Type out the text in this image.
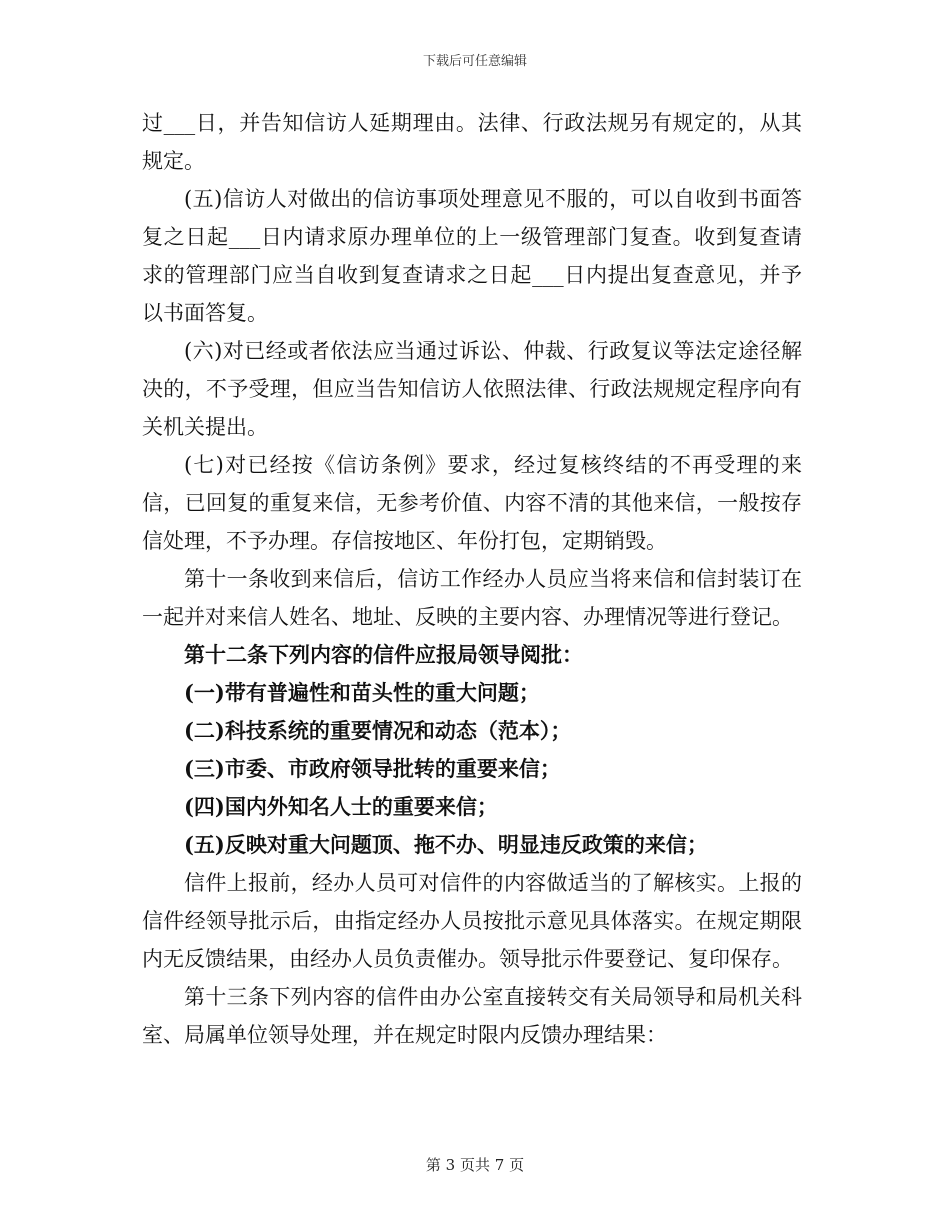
下载后可任意编辑

过___日，并告知信访人延期理由。法律、行政法规另有规定的，从其规定。

(五)信访人对做出的信访事项处理意见不服的，可以自收到书面答复之日起___日内请求原办理单位的上一级管理部门复查。收到复查请求的管理部门应当自收到复查请求之日起___日内提出复查意见，并予以书面答复。

(六)对已经或者依法应当通过诉讼、仲裁、行政复议等法定途径解决的，不予受理，但应当告知信访人依照法律、行政法规规定程序向有关机关提出。

(七)对已经按《信访条例》要求，经过复核终结的不再受理的来信，已回复的重复来信，无参考价值、内容不清的其他来信，一般按存信处理，不予办理。存信按地区、年份打包，定期销毁。

第十一条收到来信后，信访工作经办人员应当将来信和信封装订在一起并对来信人姓名、地址、反映的主要内容、办理情况等进行登记。

第十二条下列内容的信件应报局领导阅批：

(一)带有普遍性和苗头性的重大问题；

(二)科技系统的重要情况和动态（范本）；

(三)市委、市政府领导批转的重要来信；

(四)国内外知名人士的重要来信；

(五)反映对重大问题顶、拖不办、明显违反政策的来信；

信件上报前，经办人员可对信件的内容做适当的了解核实。上报的信件经领导批示后，由指定经办人员按批示意见具体落实。在规定期限内无反馈结果，由经办人员负责催办。领导批示件要登记、复印保存。

第十三条下列内容的信件由办公室直接转交有关局领导和局机关科室、局属单位领导处理，并在规定时限内反馈办理结果：

第 3 页共 7 页
